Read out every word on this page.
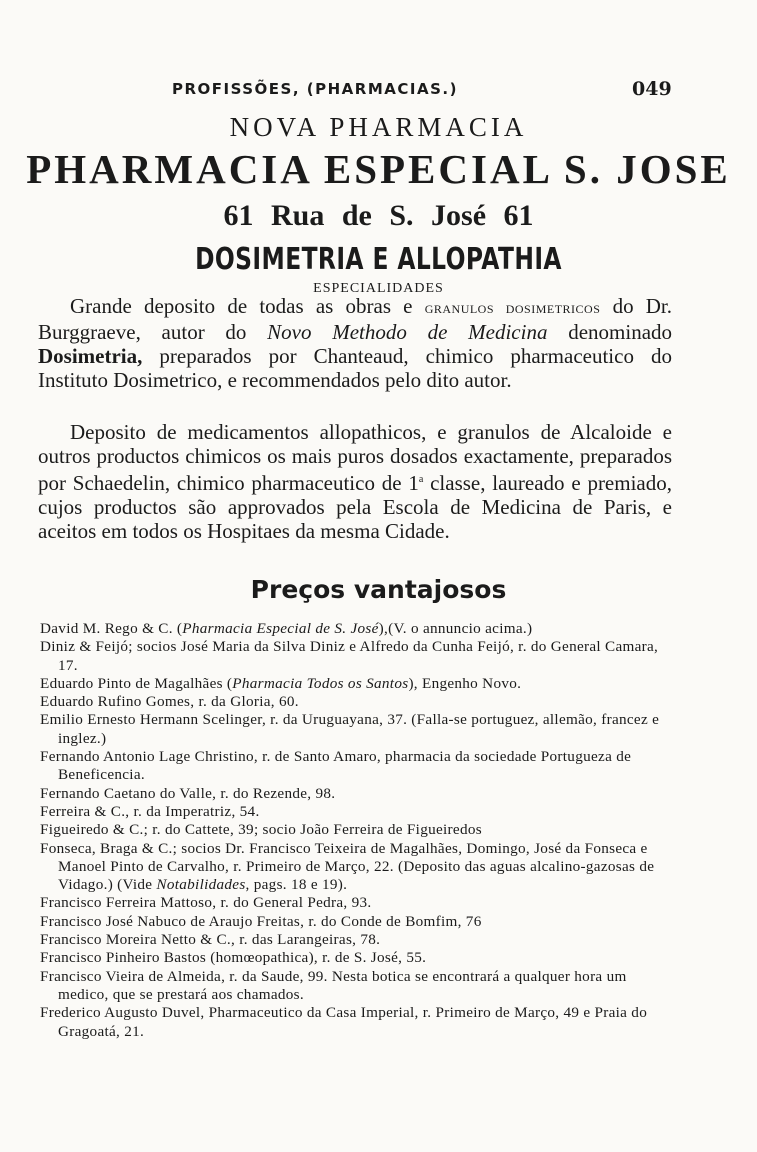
PROFISSÕES, (PHARMACIAS.)	049
NOVA PHARMACIA
PHARMACIA ESPECIAL S. JOSE
61 Rua de S. José 61
DOSIMETRIA E ALLOPATHIA
ESPECIALIDADES
Grande deposito de todas as obras e granulos dosimetricos do Dr. Burggraeve, autor do Novo Methodo de Medicina denominado Dosimetria, preparados por Chanteaud, chimico pharmaceutico do Instituto Dosimetrico, e recommendados pelo dito autor.
Deposito de medicamentos allopathicos, e granulos de Alcaloide e outros productos chimicos os mais puros dosados exactamente, preparados por Schaedelin, chimico pharmaceutico de 1$^a$ classe, laureado e premiado, cujos productos são approvados pela Escola de Medicina de Paris, e aceitos em todos os Hospitaes da mesma Cidade.
Preços vantajosos
David M. Rego & C. (Pharmacia Especial de S. José),(V. o annuncio acima.)
Diniz & Feijó; socios José Maria da Silva Diniz e Alfredo da Cunha Feijó, r. do General Camara, 17.
Eduardo Pinto de Magalhães (Pharmacia Todos os Santos), Engenho Novo.
Eduardo Rufino Gomes, r. da Gloria, 60.
Emilio Ernesto Hermann Scelinger, r. da Uruguayana, 37. (Falla-se portuguez, allemão, francez e inglez.)
Fernando Antonio Lage Christino, r. de Santo Amaro, pharmacia da sociedade Portugueza de Beneficencia.
Fernando Caetano do Valle, r. do Rezende, 98.
Ferreira & C., r. da Imperatriz, 54.
Figueiredo & C.; r. do Cattete, 39; socio João Ferreira de Figueiredos
Fonseca, Braga & C.; socios Dr. Francisco Teixeira de Magalhães, Domingo, José da Fonseca e Manoel Pinto de Carvalho, r. Primeiro de Março, 22. (Deposito das aguas alcalino-gazosas de Vidago.) (Vide Notabilidades, pags. 18 e 19).
Francisco Ferreira Mattoso, r. do General Pedra, 93.
Francisco José Nabuco de Araujo Freitas, r. do Conde de Bomfim, 76
Francisco Moreira Netto & C., r. das Larangeiras, 78.
Francisco Pinheiro Bastos (homœopathica), r. de S. José, 55.
Francisco Vieira de Almeida, r. da Saude, 99. Nesta botica se encontrará a qualquer hora um medico, que se prestará aos chamados.
Frederico Augusto Duvel, Pharmaceutico da Casa Imperial, r. Primeiro de Março, 49 e Praia do Gragoatá, 21.
